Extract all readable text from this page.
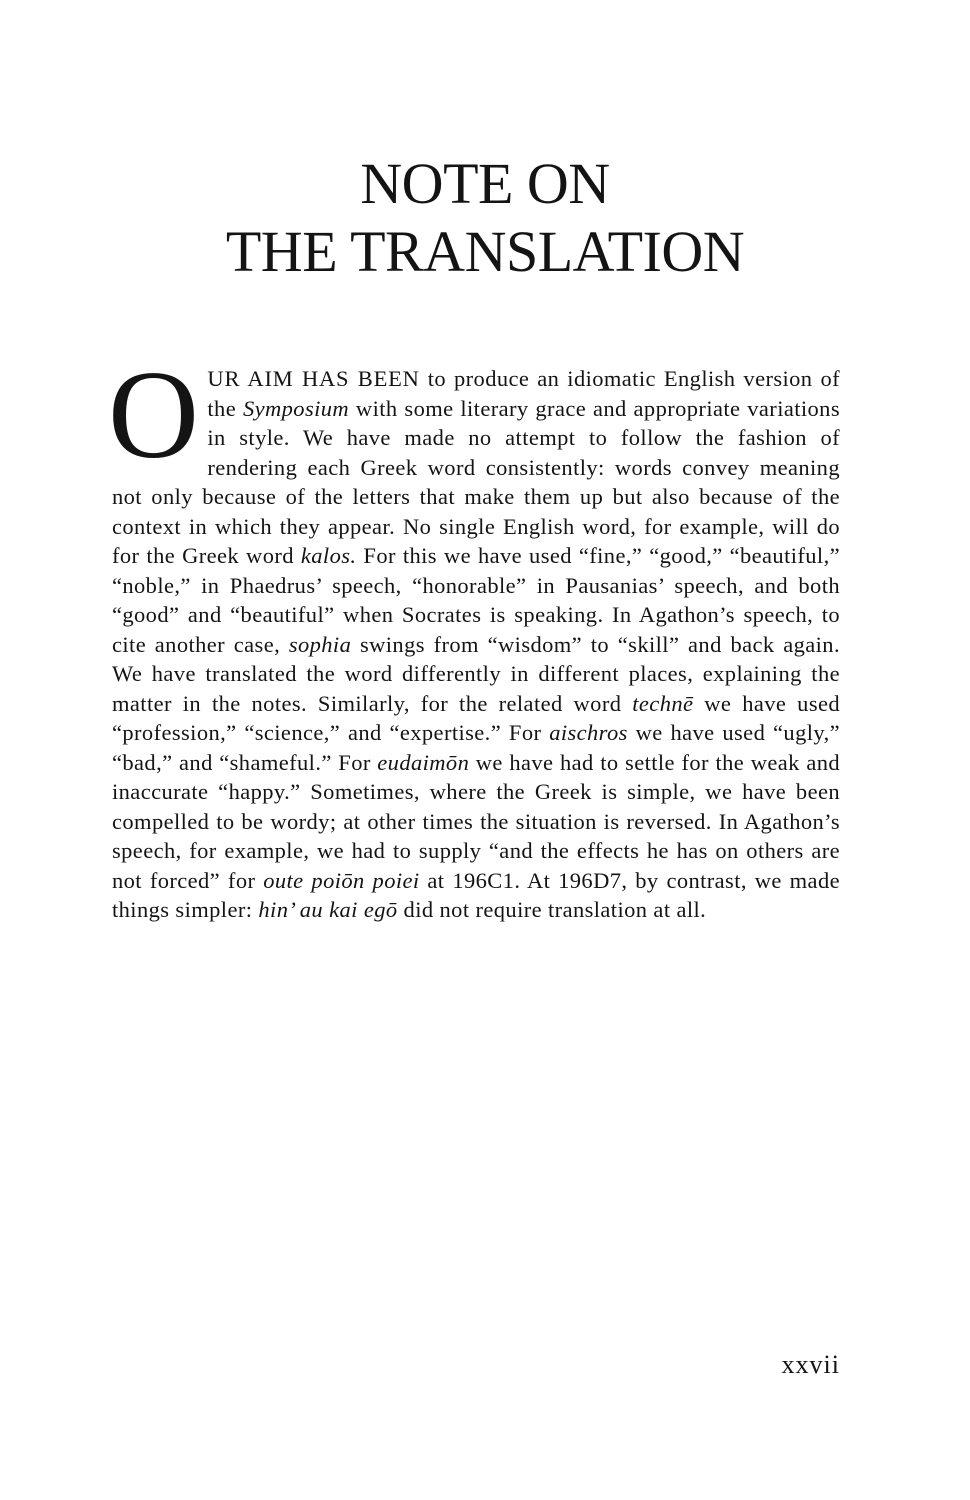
NOTE ON
THE TRANSLATION

OUR AIM HAS BEEN to produce an idiomatic English version of the Symposium with some literary grace and appropriate variations in style. We have made no attempt to follow the fashion of rendering each Greek word consistently: words convey meaning not only because of the letters that make them up but also because of the context in which they appear. No single English word, for example, will do for the Greek word kalos. For this we have used “fine,” “good,” “beautiful,” “noble,” in Phaedrus’ speech, “honorable” in Pausanias’ speech, and both “good” and “beautiful” when Socrates is speaking. In Agathon’s speech, to cite another case, sophia swings from “wisdom” to “skill” and back again. We have translated the word differently in different places, explaining the matter in the notes. Similarly, for the related word technē we have used “profession,” “science,” and “expertise.” For aischros we have used “ugly,” “bad,” and “shameful.” For eudaimōn we have had to settle for the weak and inaccurate “happy.” Sometimes, where the Greek is simple, we have been compelled to be wordy; at other times the situation is reversed. In Agathon’s speech, for example, we had to supply “and the effects he has on others are not forced” for oute poiōn poiei at 196C1. At 196D7, by contrast, we made things simpler: hin’ au kai egō did not require translation at all.

xxvii
